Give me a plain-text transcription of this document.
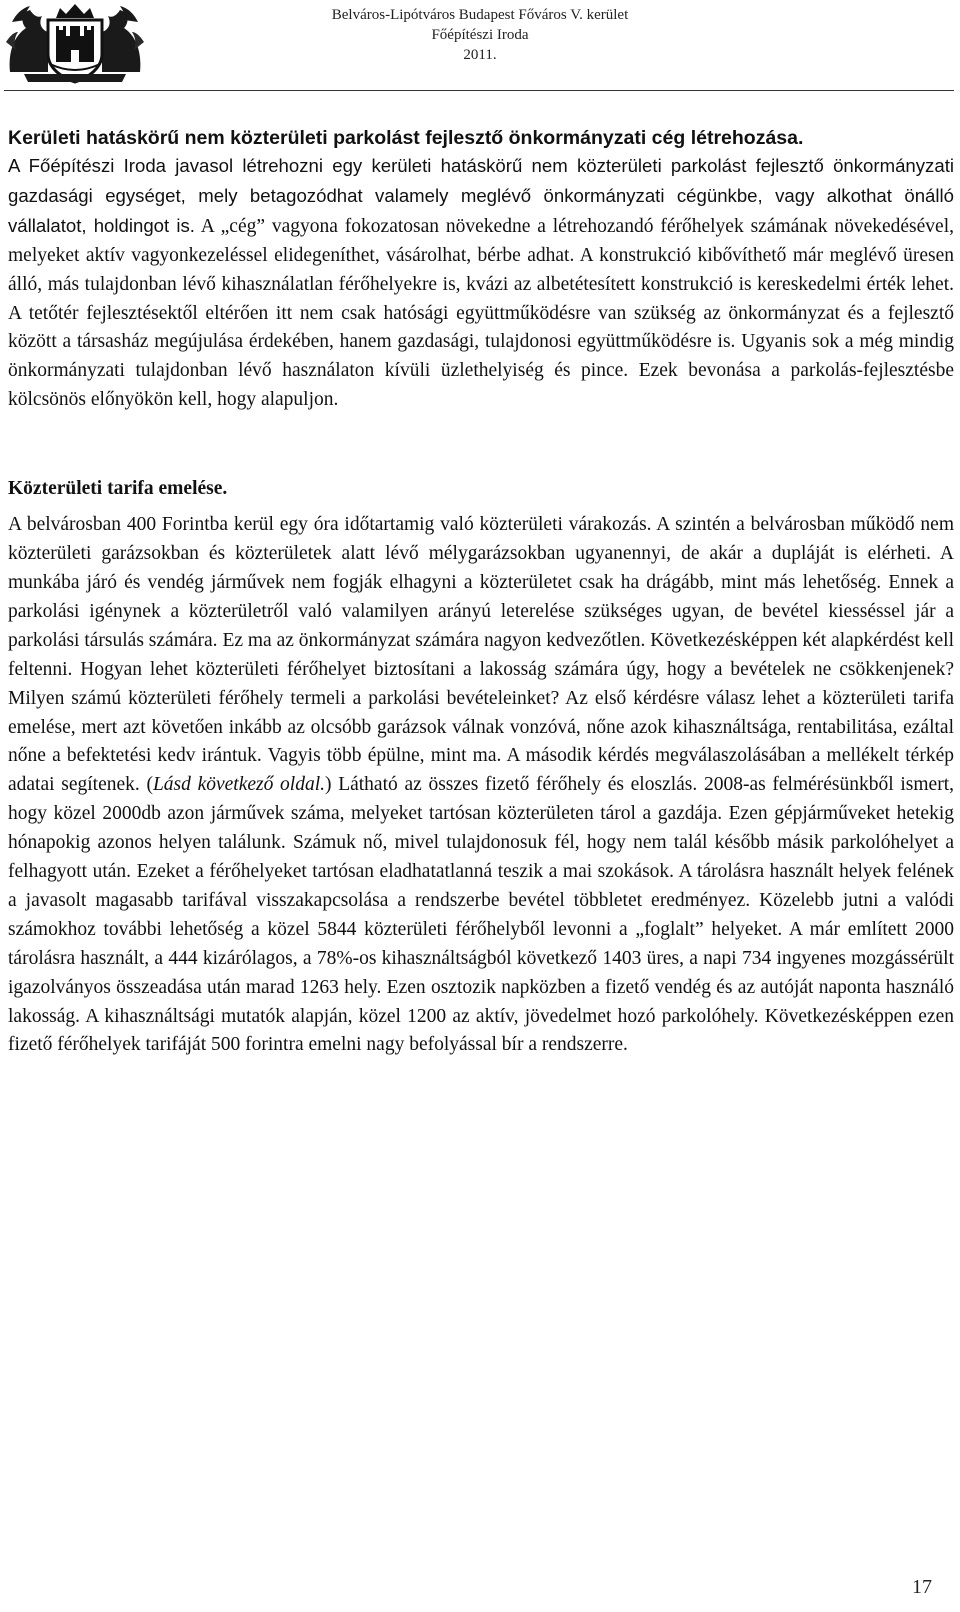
Belváros-Lipótváros Budapest Főváros V. kerület
Főépítészi Iroda
2011.
Kerületi hatáskörű nem közterületi parkolást fejlesztő önkormányzati cég létrehozása.

A Főépítészi Iroda javasol létrehozni egy kerületi hatáskörű nem közterületi parkolást fejlesztő önkormányzati gazdasági egységet, mely betagozódhat valamely meglévő önkormányzati cégünkbe, vagy alkothat önálló vállalatot, holdingot is. A „cég” vagyona fokozatosan növekedne a létrehozandó férőhelyek számának növekedésével, melyeket aktív vagyonkezeléssel elidegeníthet, vásárolhat, bérbe adhat. A konstrukció kibővíthető már meglévő üresen álló, más tulajdonban lévő kihasználatlan férőhelyekre is, kvázi az albetétesített konstrukció is kereskedelmi érték lehet. A tetőtér fejlesztésektől eltérően itt nem csak hatósági együttműködésre van szükség az önkormányzat és a fejlesztő között a társasház megújulása érdekében, hanem gazdasági, tulajdonosi együttműködésre is. Ugyanis sok a még mindig önkormányzati tulajdonban lévő használaton kívüli üzlethelyiség és pince. Ezek bevonása a parkolás-fejlesztésbe kölcsönös előnyökön kell, hogy alapuljon.

Közterületi tarifa emelése.

A belvárosban 400 Forintba kerül egy óra időtartamig való közterületi várakozás. A szintén a belvárosban működő nem közterületi garázsokban és közterületek alatt lévő mélygarázsokban ugyanennyi, de akár a dupláját is elérheti. A munkába járó és vendég járművek nem fogják elhagyni a közterületet csak ha drágább, mint más lehetőség. Ennek a parkolási igénynek a közterületről való valamilyen arányú leterelése szükséges ugyan, de bevétel kiesséssel jár a parkolási társulás számára. Ez ma az önkormányzat számára nagyon kedvezőtlen. Következésképpen két alapkérdést kell feltenni. Hogyan lehet közterületi férőhelyet biztosítani a lakosság számára úgy, hogy a bevételek ne csökkenjenek? Milyen számú közterületi férőhely termeli a parkolási bevételeinket? Az első kérdésre válasz lehet a közterületi tarifa emelése, mert azt követően inkább az olcsóbb garázsok válnak vonzóvá, nőne azok kihasználtsága, rentabilitása, ezáltal nőne a befektetési kedv irántuk. Vagyis több épülne, mint ma. A második kérdés megválaszolásában a mellékelt térkép adatai segítenek. (Lásd következő oldal.) Látható az összes fizető férőhely és eloszlás. 2008-as felmérésünkből ismert, hogy közel 2000db azon járművek száma, melyeket tartósan közterületen tárol a gazdája. Ezen gépjárműveket hetekig hónapokig azonos helyen találunk. Számuk nő, mivel tulajdonosuk fél, hogy nem talál később másik parkolóhelyet a felhagyott után. Ezeket a férőhelyeket tartósan eladhatatlanná teszik a mai szokások. A tárolásra használt helyek felének a javasolt magasabb tarifával visszakapcsolása a rendszerbe bevétel többletet eredményez. Közelebb jutni a valódi számokhoz további lehetőség a közel 5844 közterületi férőhelyből levonni a „foglalt” helyeket. A már említett 2000 tárolásra használt, a 444 kizárólagos, a 78%-os kihasználtságból következő 1403 üres, a napi 734 ingyenes mozgássérült igazolványos összeadása után marad 1263 hely. Ezen osztozik napközben a fizető vendég és az autóját naponta használó lakosság. A kihasználtsági mutatók alapján, közel 1200 az aktív, jövedelmet hozó parkolóhely. Következésképpen ezen fizető férőhelyek tarifáját 500 forintra emelni nagy befolyással bír a rendszerre.

17
